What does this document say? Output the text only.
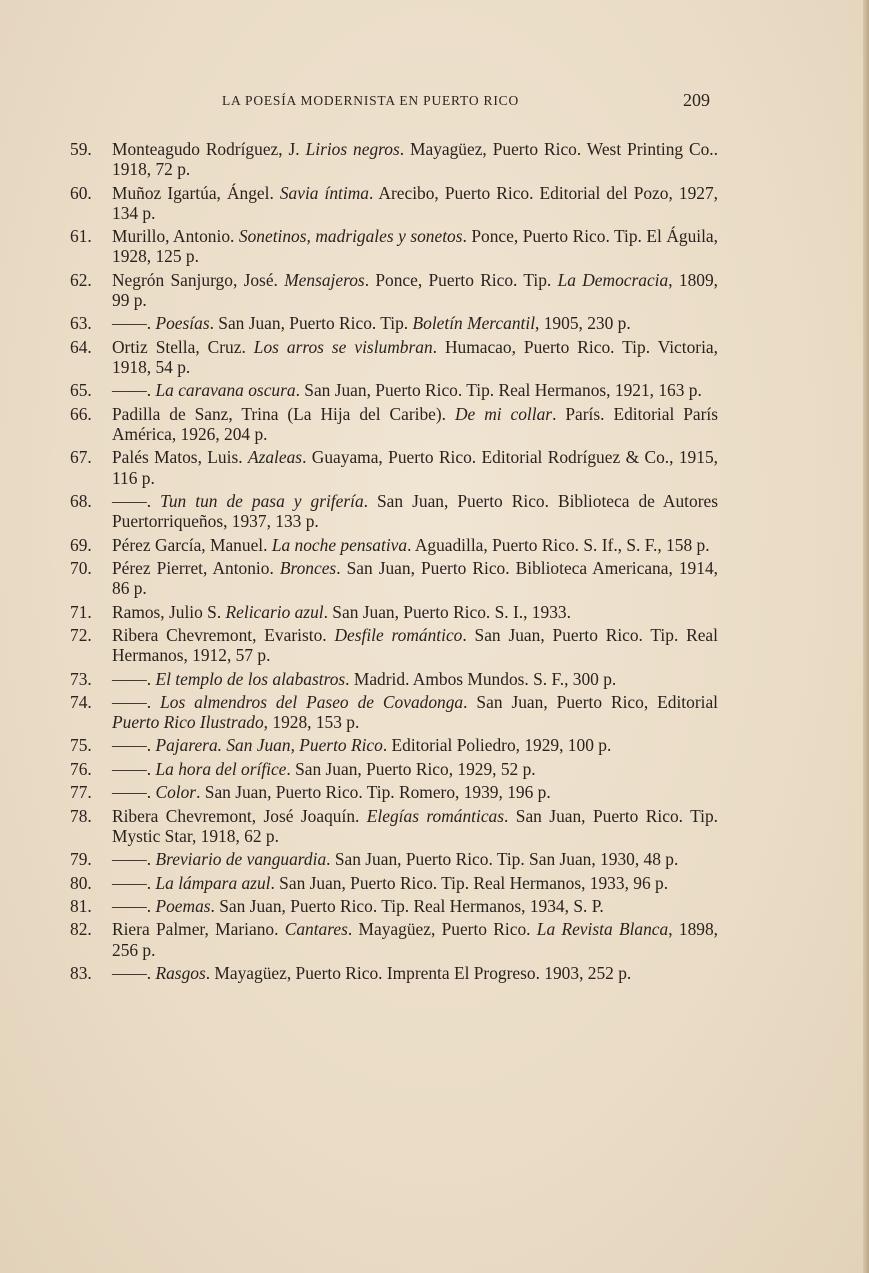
LA POESÍA MODERNISTA EN PUERTO RICO	209
59.	Monteagudo Rodríguez, J. Lirios negros. Mayagüez, Puerto Rico. West Printing Co.. 1918, 72 p.
60.	Muñoz Igartúa, Ángel. Savia íntima. Arecibo, Puerto Rico. Editorial del Pozo, 1927, 134 p.
61.	Murillo, Antonio. Sonetinos, madrigales y sonetos. Ponce, Puerto Rico. Tip. El Águila, 1928, 125 p.
62.	Negrón Sanjurgo, José. Mensajeros. Ponce, Puerto Rico. Tip. La Democracia, 1809, 99 p.
63.	——. Poesías. San Juan, Puerto Rico. Tip. Boletín Mercantil, 1905, 230 p.
64.	Ortiz Stella, Cruz. Los arros se vislumbran. Humacao, Puerto Rico. Tip. Victoria, 1918, 54 p.
65.	——. La caravana oscura. San Juan, Puerto Rico. Tip. Real Hermanos, 1921, 163 p.
66.	Padilla de Sanz, Trina (La Hija del Caribe). De mi collar. París. Editorial París América, 1926, 204 p.
67.	Palés Matos, Luis. Azaleas. Guayama, Puerto Rico. Editorial Rodríguez & Co., 1915, 116 p.
68.	——. Tun tun de pasa y grifería. San Juan, Puerto Rico. Biblioteca de Autores Puertorriqueños, 1937, 133 p.
69.	Pérez García, Manuel. La noche pensativa. Aguadilla, Puerto Rico. S. If., S. F., 158 p.
70.	Pérez Pierret, Antonio. Bronces. San Juan, Puerto Rico. Biblioteca Americana, 1914, 86 p.
71.	Ramos, Julio S. Relicario azul. San Juan, Puerto Rico. S. I., 1933.
72.	Ribera Chevremont, Evaristo. Desfile romántico. San Juan, Puerto Rico. Tip. Real Hermanos, 1912, 57 p.
73.	——. El templo de los alabastros. Madrid. Ambos Mundos. S. F., 300 p.
74.	——. Los almendros del Paseo de Covadonga. San Juan, Puerto Rico, Editorial Puerto Rico Ilustrado, 1928, 153 p.
75.	——. Pajarera. San Juan, Puerto Rico. Editorial Poliedro, 1929, 100 p.
76.	——. La hora del orífice. San Juan, Puerto Rico, 1929, 52 p.
77.	——. Color. San Juan, Puerto Rico. Tip. Romero, 1939, 196 p.
78.	Ribera Chevremont, José Joaquín. Elegías románticas. San Juan, Puerto Rico. Tip. Mystic Star, 1918, 62 p.
79.	——. Breviario de vanguardia. San Juan, Puerto Rico. Tip. San Juan, 1930, 48 p.
80.	——. La lámpara azul. San Juan, Puerto Rico. Tip. Real Hermanos, 1933, 96 p.
81.	——. Poemas. San Juan, Puerto Rico. Tip. Real Hermanos, 1934, S. P.
82.	Riera Palmer, Mariano. Cantares. Mayagüez, Puerto Rico. La Revista Blanca, 1898, 256 p.
83.	——. Rasgos. Mayagüez, Puerto Rico. Imprenta El Progreso. 1903, 252 p.
